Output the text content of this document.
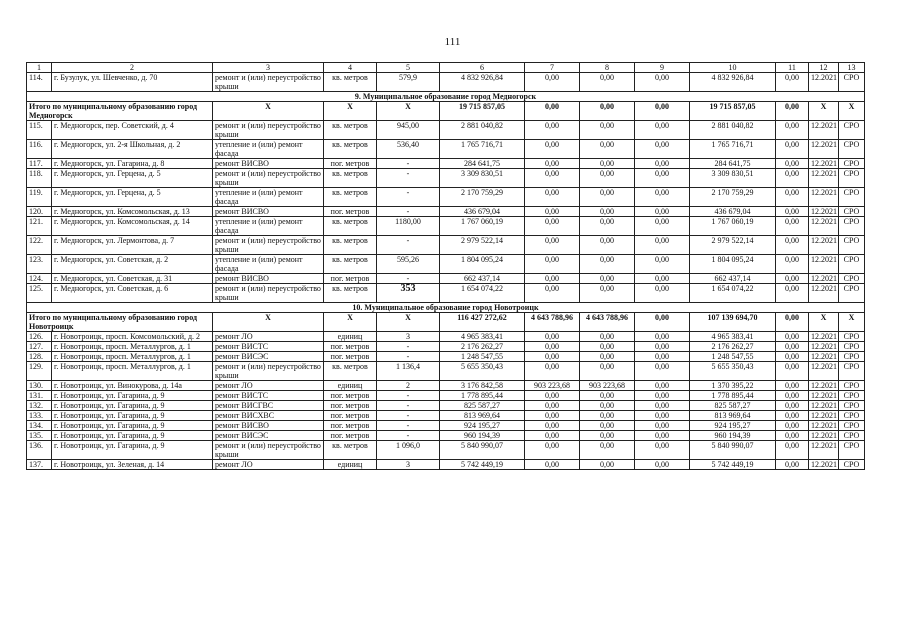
111
1	2	3	4	5	6	7	8	9	10	11	12	13
114.	г. Бузулук, ул. Шевченко, д. 70	ремонт и (или) переустройство крыши	кв. метров	579,9	4 832 926,84	0,00	0,00	0,00	4 832 926,84	0,00	12.2021	СРО
9. Муниципальное образование город Медногорск												
Итого по муниципальному образованию город Медногорск		X	X	X	19 715 857,05	0,00	0,00	0,00	19 715 857,05	0,00	X	X
115.	г. Медногорск, пер. Советский, д. 4	ремонт и (или) переустройство крыши	кв. метров	945,00	2 881 040,82	0,00	0,00	0,00	2 881 040,82	0,00	12.2021	СРО
116.	г. Медногорск, ул. 2-я Школьная, д. 2	утепление и (или) ремонт фасада	кв. метров	536,40	1 765 716,71	0,00	0,00	0,00	1 765 716,71	0,00	12.2021	СРО
117.	г. Медногорск, ул. Гагарина, д. 8	ремонт ВИСВО	пог. метров	-	284 641,75	0,00	0,00	0,00	284 641,75	0,00	12.2021	СРО
118.	г. Медногорск, ул. Герцена, д. 5	ремонт и (или) переустройство крыши	кв. метров	-	3 309 830,51	0,00	0,00	0,00	3 309 830,51	0,00	12.2021	СРО
119.	г. Медногорск, ул. Герцена, д. 5	утепление и (или) ремонт фасада	кв. метров	-	2 170 759,29	0,00	0,00	0,00	2 170 759,29	0,00	12.2021	СРО
120.	г. Медногорск, ул. Комсомольская, д. 13	ремонт ВИСВО	пог. метров	-	436 679,04	0,00	0,00	0,00	436 679,04	0,00	12.2021	СРО
121.	г. Медногорск, ул. Комсомольская, д. 14	утепление и (или) ремонт фасада	кв. метров	1180,00	1 767 060,19	0,00	0,00	0,00	1 767 060,19	0,00	12.2021	СРО
122.	г. Медногорск, ул. Лермонтова, д. 7	ремонт и (или) переустройство крыши	кв. метров	-	2 979 522,14	0,00	0,00	0,00	2 979 522,14	0,00	12.2021	СРО
123.	г. Медногорск, ул. Советская, д. 2	утепление и (или) ремонт фасада	кв. метров	595,26	1 804 095,24	0,00	0,00	0,00	1 804 095,24	0,00	12.2021	СРО
124.	г. Медногорск, ул. Советская, д. 31	ремонт ВИСВО	пог. метров	-	662 437,14	0,00	0,00	0,00	662 437,14	0,00	12.2021	СРО
125.	г. Медногорск, ул. Советская, д. 6	ремонт и (или) переустройство крыши	кв. метров	353	1 654 074,22	0,00	0,00	0,00	1 654 074,22	0,00	12.2021	СРО
10. Муниципальное образование город Новотроицк												
Итого по муниципальному образованию город Новотроицк		X	X	X	116 427 272,62	4 643 788,96	4 643 788,96	0,00	107 139 694,70	0,00	X	X
126.	г. Новотроицк, просп. Комсомольский, д. 2	ремонт ЛО	единиц	3	4 965 383,41	0,00	0,00	0,00	4 965 383,41	0,00	12.2021	СРО
127.	г. Новотроицк, просп. Металлургов, д. 1	ремонт ВИСТС	пог. метров	-	2 176 262,27	0,00	0,00	0,00	2 176 262,27	0,00	12.2021	СРО
128.	г. Новотроицк, просп. Металлургов, д. 1	ремонт ВИСЭС	пог. метров	-	1 248 547,55	0,00	0,00	0,00	1 248 547,55	0,00	12.2021	СРО
129.	г. Новотроицк, просп. Металлургов, д. 1	ремонт и (или) переустройство крыши	кв. метров	1 136,4	5 655 350,43	0,00	0,00	0,00	5 655 350,43	0,00	12.2021	СРО
130.	г. Новотроицк, ул. Винокурова, д. 14а	ремонт ЛО	единиц	2	3 176 842,58	903 223,68	903 223,68	0,00	1 370 395,22	0,00	12.2021	СРО
131.	г. Новотроицк, ул. Гагарина, д. 9	ремонт ВИСТС	пог. метров	-	1 778 895,44	0,00	0,00	0,00	1 778 895,44	0,00	12.2021	СРО
132.	г. Новотроицк, ул. Гагарина, д. 9	ремонт ВИСГВС	пог. метров	-	825 587,27	0,00	0,00	0,00	825 587,27	0,00	12.2021	СРО
133.	г. Новотроицк, ул. Гагарина, д. 9	ремонт ВИСХВС	пог. метров	-	813 969,64	0,00	0,00	0,00	813 969,64	0,00	12.2021	СРО
134.	г. Новотроицк, ул. Гагарина, д. 9	ремонт ВИСВО	пог. метров	-	924 195,27	0,00	0,00	0,00	924 195,27	0,00	12.2021	СРО
135.	г. Новотроицк, ул. Гагарина, д. 9	ремонт ВИСЭС	пог. метров	-	960 194,39	0,00	0,00	0,00	960 194,39	0,00	12.2021	СРО
136.	г. Новотроицк, ул. Гагарина, д. 9	ремонт и (или) переустройство крыши	кв. метров	1 096,0	5 840 990,07	0,00	0,00	0,00	5 840 990,07	0,00	12.2021	СРО
137.	г. Новотроицк, ул. Зеленая, д. 14	ремонт ЛО	единиц	3	5 742 449,19	0,00	0,00	0,00	5 742 449,19	0,00	12.2021	СРО
